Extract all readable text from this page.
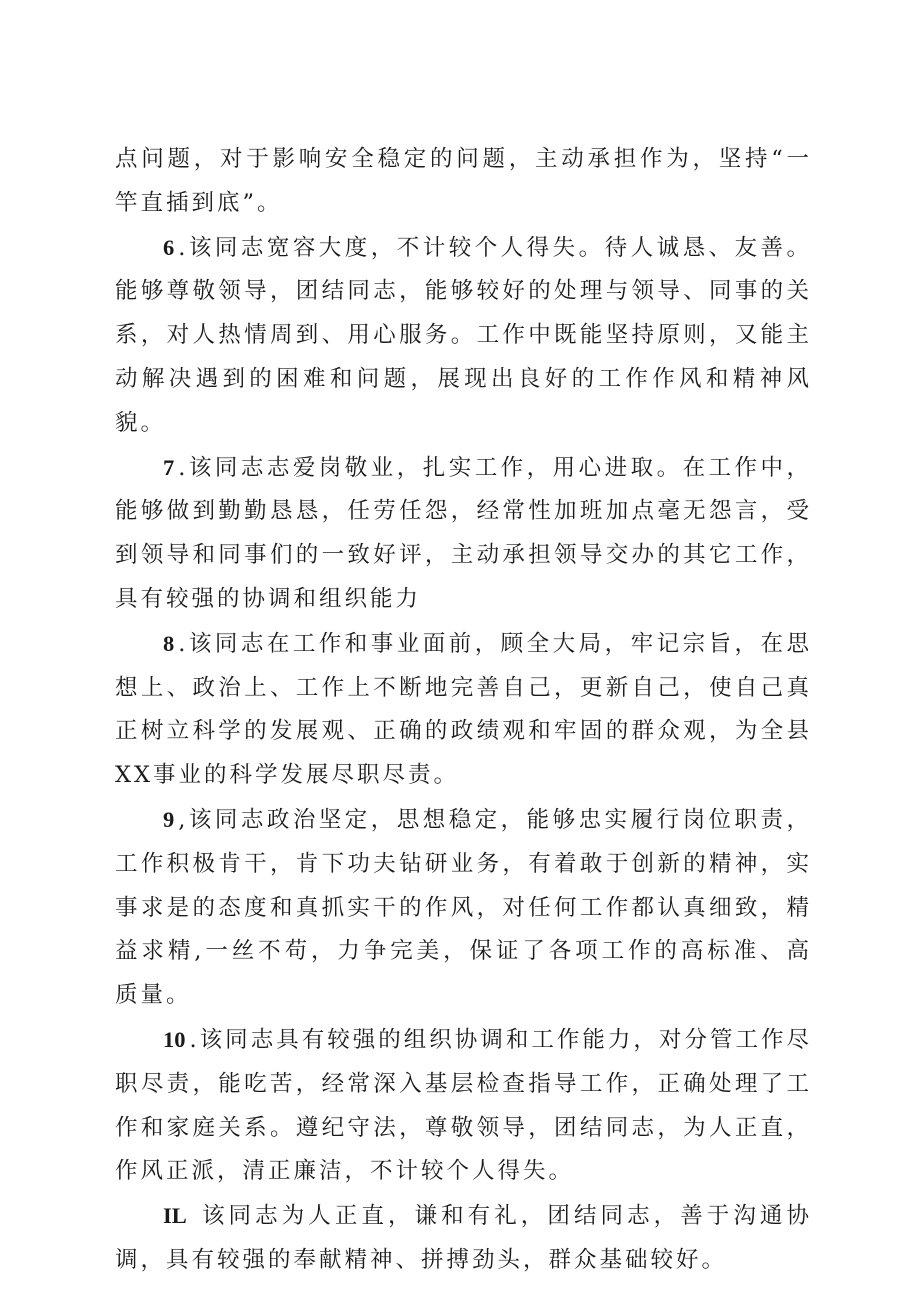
点问题，对于影响安全稳定的问题，主动承担作为，坚持“一竿直插到底”。

6 .该同志宽容大度，不计较个人得失。待人诚恳、友善。能够尊敬领导，团结同志，能够较好的处理与领导、同事的关系，对人热情周到、用心服务。工作中既能坚持原则，又能主动解决遇到的困难和问题，展现出良好的工作作风和精神风貌。

7 .该同志志爱岗敬业，扎实工作，用心进取。在工作中，能够做到勤勤恳恳，任劳任怨，经常性加班加点毫无怨言，受到领导和同事们的一致好评，主动承担领导交办的其它工作，具有较强的协调和组织能力

8 .该同志在工作和事业面前，顾全大局，牢记宗旨，在思想上、政治上、工作上不断地完善自己，更新自己，使自己真正树立科学的发展观、正确的政绩观和牢固的群众观，为全县XX事业的科学发展尽职尽责。

9 ,该同志政治坚定，思想稳定，能够忠实履行岗位职责，工作积极肯干，肯下功夫钻研业务，有着敢于创新的精神，实事求是的态度和真抓实干的作风，对任何工作都认真细致，精益求精,一丝不苟，力争完美，保证了各项工作的高标准、高质量。

10 .该同志具有较强的组织协调和工作能力，对分管工作尽职尽责，能吃苦，经常深入基层检查指导工作，正确处理了工作和家庭关系。遵纪守法，尊敬领导，团结同志，为人正直，作风正派，清正廉洁，不计较个人得失。

IL 该同志为人正直，谦和有礼，团结同志，善于沟通协调，具有较强的奉献精神、拼搏劲头，群众基础较好。
